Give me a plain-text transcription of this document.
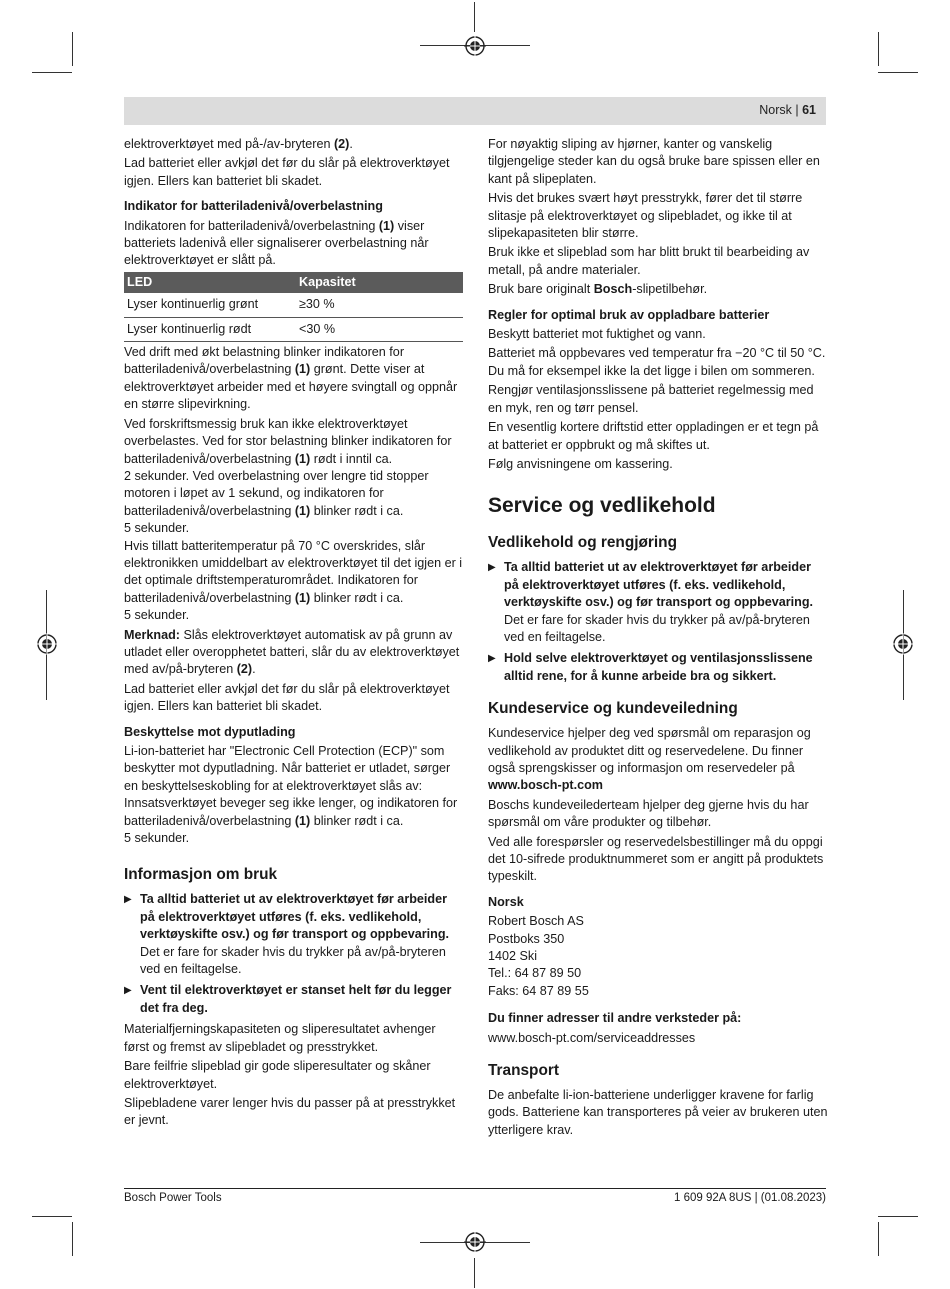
Norsk | 61

elektroverktøyet med på-/av-bryteren (2).

Lad batteriet eller avkjøl det før du slår på elektroverktøyet igjen. Ellers kan batteriet bli skadet.

Indikator for batteriladenivå/overbelastning

Indikatoren for batteriladenivå/overbelastning (1) viser batteriets ladenivå eller signaliserer overbelastning når elektroverktøyet er slått på.

LED	Kapasitet
Lyser kontinuerlig grønt	≥30 %
Lyser kontinuerlig rødt	<30 %

Ved drift med økt belastning blinker indikatoren for batteriladenivå/overbelastning (1) grønt. Dette viser at elektroverktøyet arbeider med et høyere svingtall og oppnår en større slipevirkning.

Ved forskriftsmessig bruk kan ikke elektroverktøyet overbelastes. Ved for stor belastning blinker indikatoren for batteriladenivå/overbelastning (1) rødt i inntil ca.
2 sekunder. Ved overbelastning over lengre tid stopper motoren i løpet av 1 sekund, og indikatoren for
batteriladenivå/overbelastning (1) blinker rødt i ca.
5 sekunder.

Hvis tillatt batteritemperatur på 70 °C overskrides, slår elektronikken umiddelbart av elektroverktøyet til det igjen er i det optimale driftstemperaturområdet. Indikatoren for
batteriladenivå/overbelastning (1) blinker rødt i ca.
5 sekunder.

Merknad: Slås elektroverktøyet automatisk av på grunn av utladet eller overopphetet batteri, slår du av elektroverktøyet med av/på-bryteren (2).

Lad batteriet eller avkjøl det før du slår på elektroverktøyet igjen. Ellers kan batteriet bli skadet.

Beskyttelse mot dyputlading

Li-ion-batteriet har "Electronic Cell Protection (ECP)" som beskytter mot dyputladning. Når batteriet er utladet, sørger en beskyttelseskobling for at elektroverktøyet slås av: Innsatsverktøyet beveger seg ikke lenger, og indikatoren for
batteriladenivå/overbelastning (1) blinker rødt i ca.
5 sekunder.

Informasjon om bruk
▶ Ta alltid batteriet ut av elektroverktøyet før arbeider på elektroverktøyet utføres (f. eks. vedlikehold, verktøyskifte osv.) og før transport og oppbevaring.
Det er fare for skader hvis du trykker på av/på-bryteren ved en feiltagelse.
▶ Vent til elektroverktøyet er stanset helt før du legger det fra deg.

Materialfjerningskapasiteten og sliperesultatet avhenger først og fremst av slipebladet og presstrykket.

Bare feilfrie slipeblad gir gode sliperesultater og skåner elektroverktøyet.

Slipebladene varer lenger hvis du passer på at presstrykket er jevnt.

For nøyaktig sliping av hjørner, kanter og vanskelig tilgjengelige steder kan du også bruke bare spissen eller en kant på slipeplaten.

Hvis det brukes svært høyt presstrykk, fører det til større slitasje på elektroverktøyet og slipebladet, og ikke til at slipekapasiteten blir større.

Bruk ikke et slipeblad som har blitt brukt til bearbeiding av metall, på andre materialer.

Bruk bare originalt Bosch-slipetilbehør.

Regler for optimal bruk av oppladbare batterier

Beskytt batteriet mot fuktighet og vann.

Batteriet må oppbevares ved temperatur fra −20 °C til 50 °C. Du må for eksempel ikke la det ligge i bilen om sommeren.

Rengjør ventilasjonsslissene på batteriet regelmessig med en myk, ren og tørr pensel.

En vesentlig kortere driftstid etter oppladingen er et tegn på at batteriet er oppbrukt og må skiftes ut.

Følg anvisningene om kassering.

Service og vedlikehold
Vedlikehold og rengjøring
▶ Ta alltid batteriet ut av elektroverktøyet før arbeider på elektroverktøyet utføres (f. eks. vedlikehold, verktøyskifte osv.) og før transport og oppbevaring.
Det er fare for skader hvis du trykker på av/på-bryteren ved en feiltagelse.
▶ Hold selve elektroverktøyet og ventilasjonsslissene alltid rene, for å kunne arbeide bra og sikkert.
Kundeservice og kundeveiledning

Kundeservice hjelper deg ved spørsmål om reparasjon og vedlikehold av produktet ditt og reservedelene. Du finner også sprengskisser og informasjon om reservedeler på
www.bosch-pt.com

Boschs kundeveilederteam hjelper deg gjerne hvis du har spørsmål om våre produkter og tilbehør.

Ved alle forespørsler og reservedelsbestillinger må du oppgi det 10-sifrede produktnummeret som er angitt på produktets typeskilt.

Norsk

Robert Bosch AS
Postboks 350
1402 Ski
Tel.: 64 87 89 50
Faks: 64 87 89 55

Du finner adresser til andre verksteder på:

www.bosch-pt.com/serviceaddresses

Transport

De anbefalte li-ion-batteriene underligger kravene for farlig gods. Batteriene kan transporteres på veier av brukeren uten ytterligere krav.

Bosch Power Tools	1 609 92A 8US | (01.08.2023)
